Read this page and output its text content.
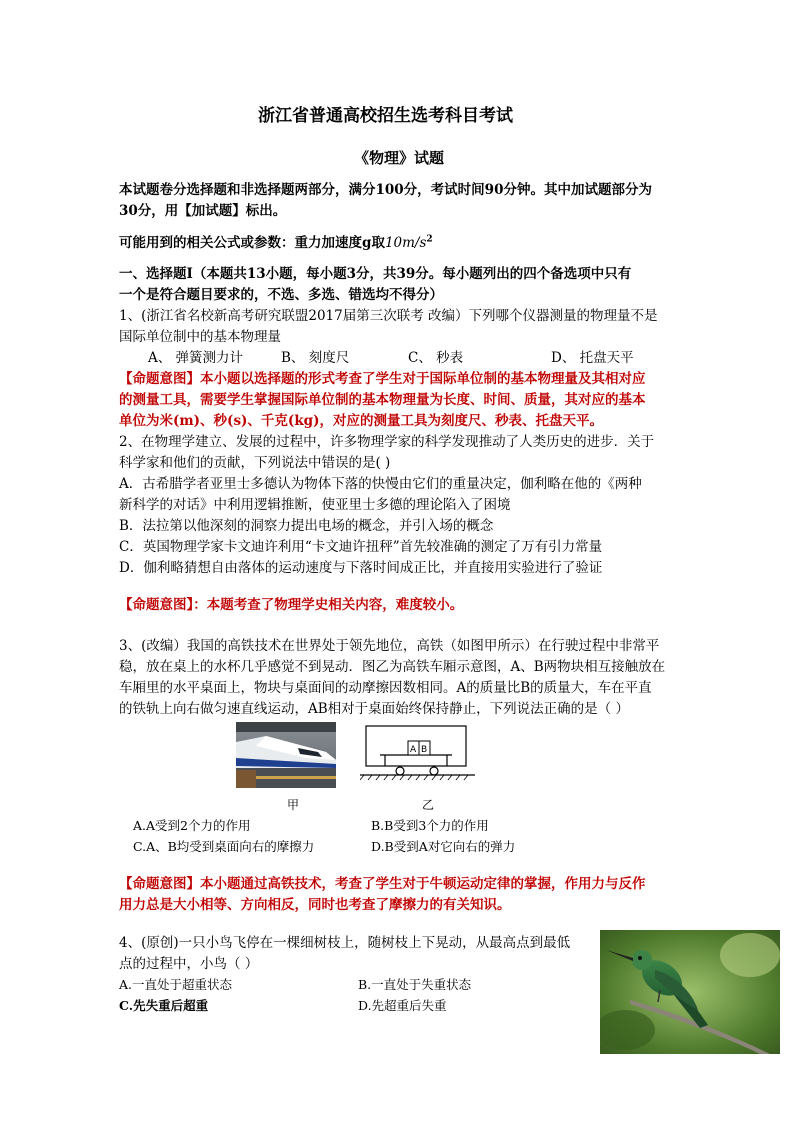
浙江省普通高校招生选考科目考试
《物理》试题
本试题卷分选择题和非选择题两部分，满分100分，考试时间90分钟。其中加试题部分为
30分，用【加试题】标出。
可能用到的相关公式或参数：重力加速度g取$10m/s^2$
一、选择题Ⅰ（本题共13小题，每小题3分，共39分。每小题列出的四个备选项中只有
一个是符合题目要求的，不选、多选、错选均不得分）
1、(浙江省名校新高考研究联盟2017届第三次联考 改编）下列哪个仪器测量的物理量不是
国际单位制中的基本物理量
A、 弹簧测力计	B、 刻度尺	C、 秒表	D、 托盘天平
【命题意图】本小题以选择题的形式考查了学生对于国际单位制的基本物理量及其相对应
的测量工具，需要学生掌握国际单位制的基本物理量为长度、时间、质量，其对应的基本
单位为米(m)、秒(s)、千克(kg)，对应的测量工具为刻度尺、秒表、托盘天平。
2、在物理学建立、发展的过程中，许多物理学家的科学发现推动了人类历史的进步．关于
科学家和他们的贡献，下列说法中错误的是( )
A．古希腊学者亚里士多德认为物体下落的快慢由它们的重量决定，伽利略在他的《两种
新科学的对话》中利用逻辑推断，使亚里士多德的理论陷入了困境
B．法拉第以他深刻的洞察力提出电场的概念，并引入场的概念
C．英国物理学家卡文迪许利用“卡文迪许扭秤”首先较准确的测定了万有引力常量
D．伽利略猜想自由落体的运动速度与下落时间成正比，并直接用实验进行了验证
【命题意图】：本题考查了物理学史相关内容，难度较小。
3、(改编）我国的高铁技术在世界处于领先地位，高铁（如图甲所示）在行驶过程中非常平
稳，放在桌上的水杯几乎感觉不到晃动．图乙为高铁车厢示意图，A、B两物块相互接触放在
车厢里的水平桌面上，物块与桌面间的动摩擦因数相同。A的质量比B的质量大，车在平直
的铁轨上向右做匀速直线运动，AB相对于桌面始终保持静止，下列说法正确的是（ ）
A B
甲	乙
A.A受到2个力的作用	B.B受到3个力的作用
C.A、B均受到桌面向右的摩擦力	D.B受到A对它向右的弹力
【命题意图】本小题通过高铁技术，考查了学生对于牛顿运动定律的掌握，作用力与反作
用力总是大小相等、方向相反，同时也考查了摩擦力的有关知识。
4、(原创)一只小鸟飞停在一棵细树枝上，随树枝上下晃动，从最高点到最低
点的过程中，小鸟（ ）
A.一直处于超重状态	B.一直处于失重状态
C.先失重后超重	D.先超重后失重
